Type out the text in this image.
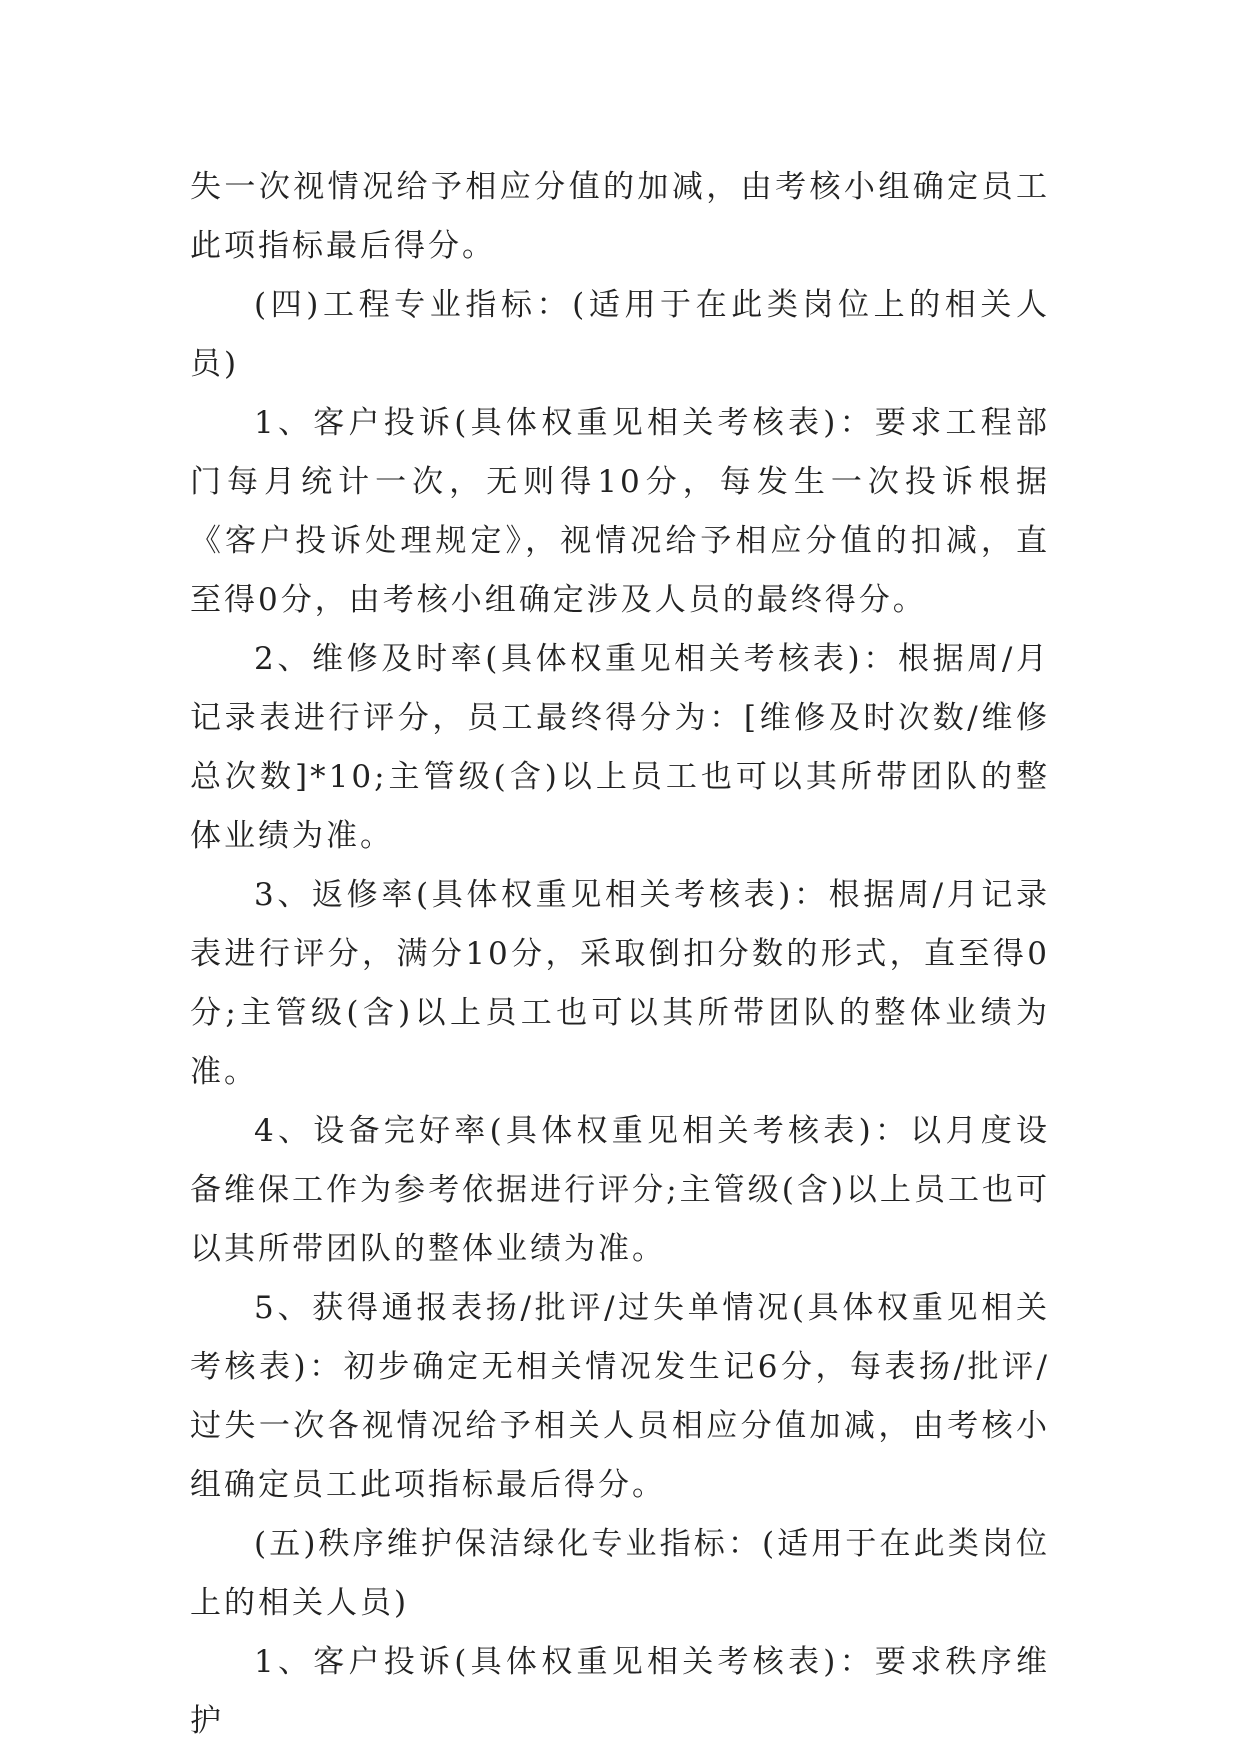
失一次视情况给予相应分值的加减，由考核小组确定员工此项指标最后得分。

(四)工程专业指标：(适用于在此类岗位上的相关人员)

1、客户投诉(具体权重见相关考核表)：要求工程部门每月统计一次，无则得10分，每发生一次投诉根据《客户投诉处理规定》，视情况给予相应分值的扣减，直至得0分，由考核小组确定涉及人员的最终得分。

2、维修及时率(具体权重见相关考核表)：根据周/月记录表进行评分，员工最终得分为：[维修及时次数/维修总次数]*10;主管级(含)以上员工也可以其所带团队的整体业绩为准。

3、返修率(具体权重见相关考核表)：根据周/月记录表进行评分，满分10分，采取倒扣分数的形式，直至得0分;主管级(含)以上员工也可以其所带团队的整体业绩为准。

4、设备完好率(具体权重见相关考核表)：以月度设备维保工作为参考依据进行评分;主管级(含)以上员工也可以其所带团队的整体业绩为准。

5、获得通报表扬/批评/过失单情况(具体权重见相关考核表)：初步确定无相关情况发生记6分，每表扬/批评/过失一次各视情况给予相关人员相应分值加减，由考核小组确定员工此项指标最后得分。

(五)秩序维护保洁绿化专业指标：(适用于在此类岗位上的相关人员)

1、客户投诉(具体权重见相关考核表)：要求秩序维护
